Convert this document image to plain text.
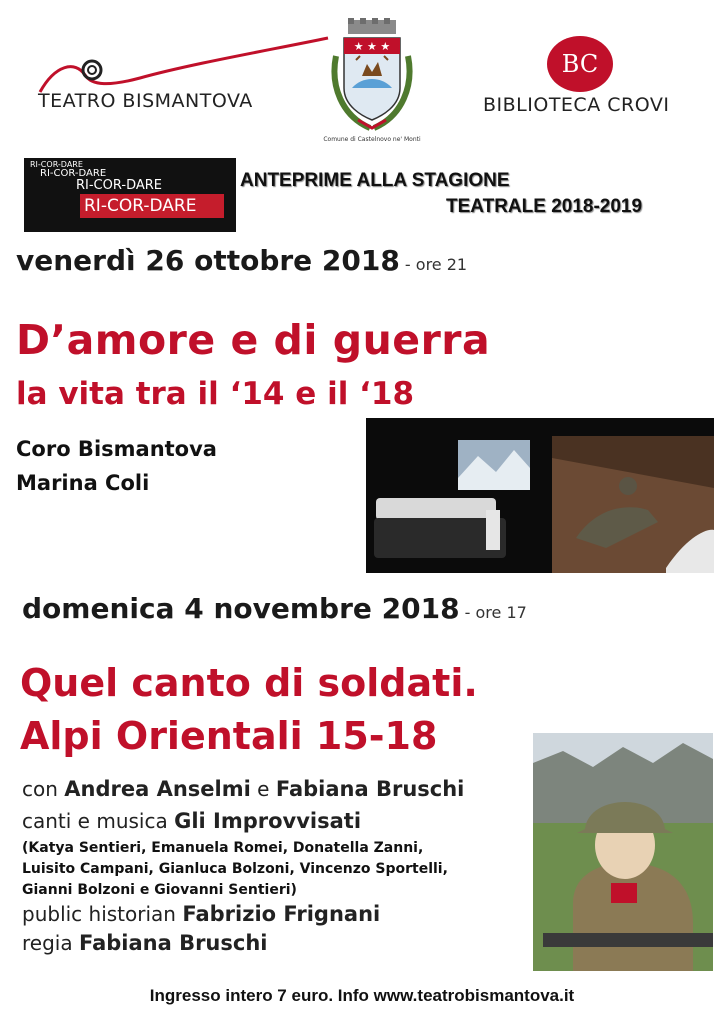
TEATRO BISMANTOVA
★ ★ ★
Comune di Castelnovo ne' Monti
BC
BIBLIOTECA CROVI
RI-COR-DARE
RI-COR-DARE
RI-COR-DARE
RI-COR-DARE
ANTEPRIME ALLA STAGIONE
TEATRALE 2018-2019
venerdì 26 ottobre 2018 - ore 21
D’amore e di guerra
la vita tra il ‘14 e il ‘18
Coro Bismantova
Marina Coli
domenica 4 novembre 2018 - ore 17
Quel canto di soldati.
Alpi Orientali 15-18
con Andrea Anselmi e Fabiana Bruschi
canti e musica Gli Improvvisati
(Katya Sentieri, Emanuela Romei, Donatella Zanni,
Luisito Campani, Gianluca Bolzoni, Vincenzo Sportelli,
Gianni Bolzoni e Giovanni Sentieri)
public historian Fabrizio Frignani
regia Fabiana Bruschi
Ingresso intero 7 euro. Info www.teatrobismantova.it
